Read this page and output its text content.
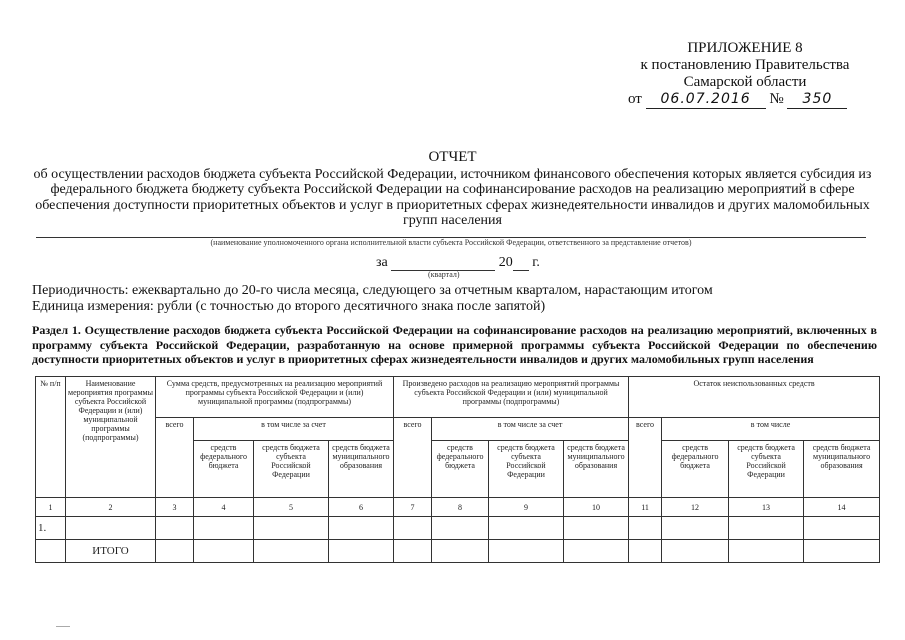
ПРИЛОЖЕНИЕ 8
к постановлению Правительства
Самарской области
от 06.07.2016 № 350
ОТЧЕТ
об осуществлении расходов бюджета субъекта Российской Федерации, источником финансового обеспечения которых является субсидия из федерального бюджета бюджету субъекта Российской Федерации на софинансирование расходов на реализацию мероприятий в сфере обеспечения доступности приоритетных объектов и услуг в приоритетных сферах жизнедеятельности инвалидов и других маломобильных групп населения
(наименование уполномоченного органа исполнительной власти субъекта Российской Федерации, ответственного за представление отчетов)
за	20 г.
(квартал)
Периодичность: ежеквартально до 20-го числа месяца, следующего за отчетным кварталом, нарастающим итогом
Единица измерения: рубли (с точностью до второго десятичного знака после запятой)
Раздел 1. Осуществление расходов бюджета субъекта Российской Федерации на софинансирование расходов на реализацию мероприятий, включенных в программу субъекта Российской Федерации, разработанную на основе примерной программы субъекта Российской Федерации по обеспечению доступности приоритетных объектов и услуг в приоритетных сферах жизнедеятельности инвалидов и других маломобильных групп населения
№ п/п	Наименование мероприятия программы субъекта Российской Федерации и (или) муниципальной программы (подпрограммы)	Сумма средств, предусмотренных на реализацию мероприятий программы субъекта Российской Федерации и (или) муниципальной программы (подпрограммы)				Произведено расходов на реализацию мероприятий программы субъекта Российской Федерации и (или) муниципальной программы (подпрограммы)				Остаток неиспользованных средств			
		всего	в том числе за счет			всего	в том числе за счет			всего	в том числе		
			средств федерального бюджета	средств бюджета субъекта Российской Федерации	средств бюджета муниципального образования		средств федерального бюджета	средств бюджета субъекта Российской Федерации	средств бюджета муниципального образования		средств федерального бюджета	средств бюджета субъекта Российской Федерации	средств бюджета муниципального образования
1	2	3	4	5	6	7	8	9	10	11	12	13	14
1.													
	ИТОГО												
